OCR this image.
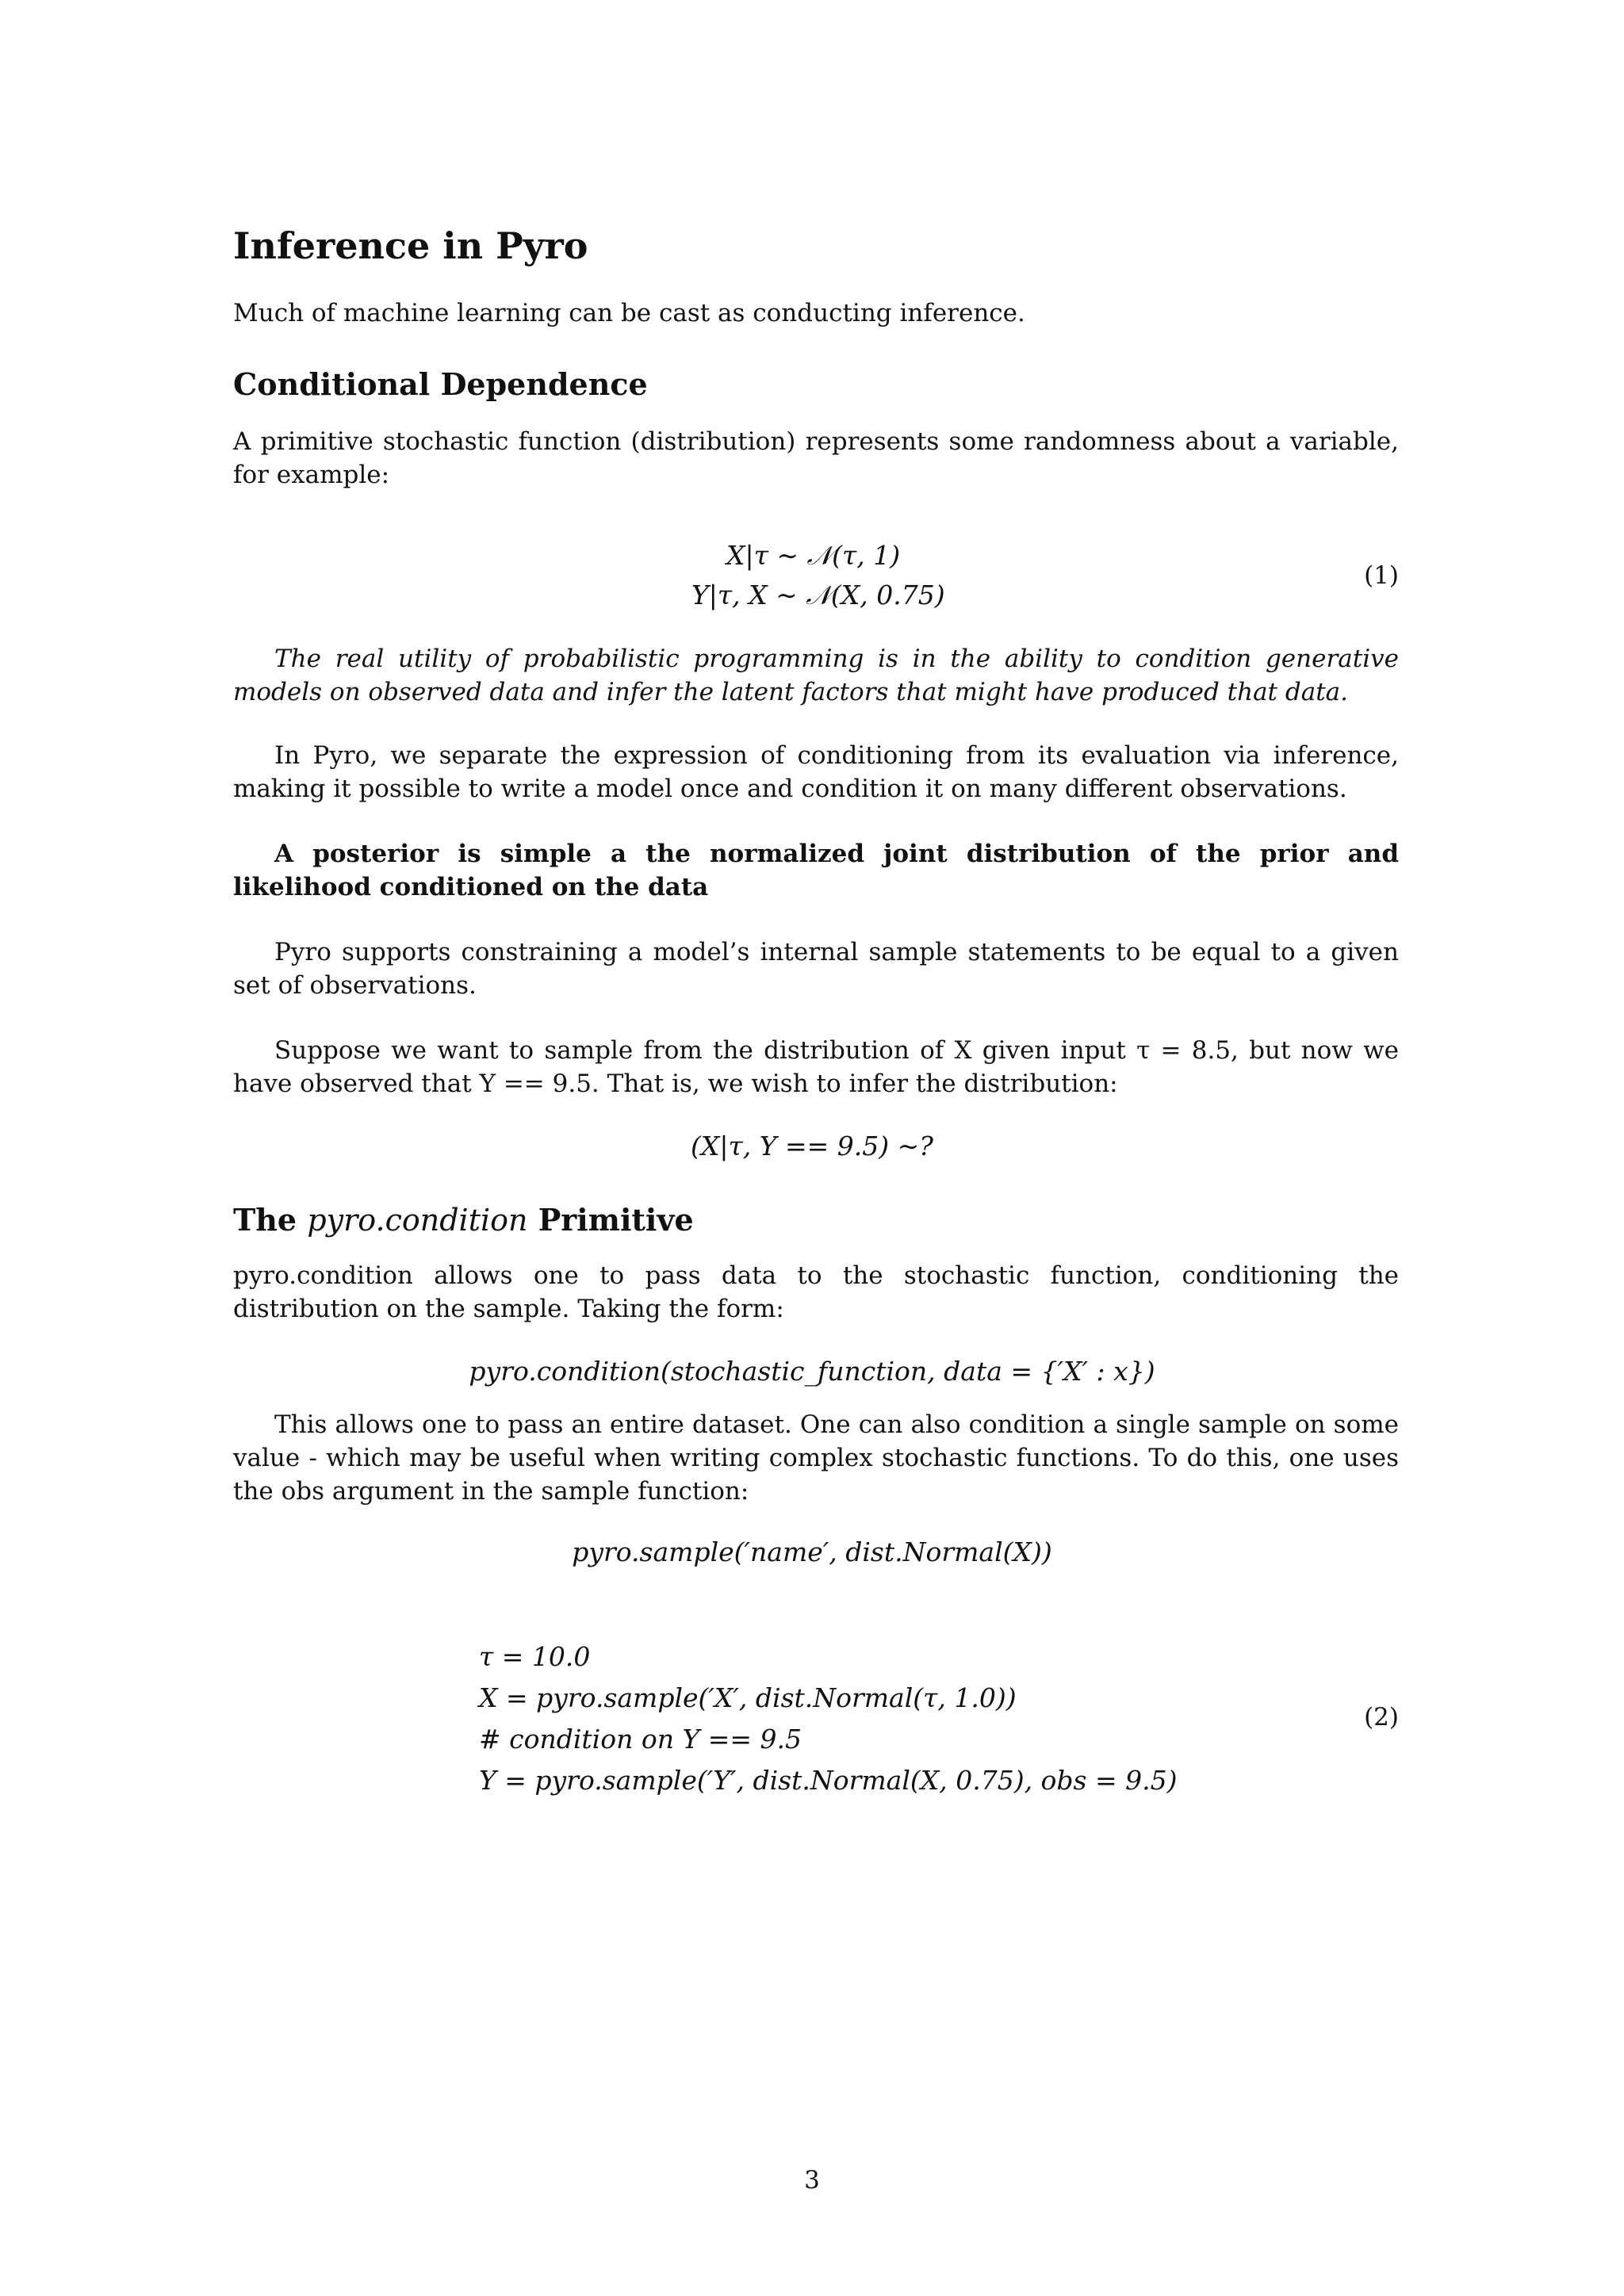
Inference in Pyro

Much of machine learning can be cast as conducting inference.

Conditional Dependence

A primitive stochastic function (distribution) represents some randomness about a variable, for example:

X|τ ∼ 𝒩(τ, 1)
Y|τ, X ∼ 𝒩(X, 0.75)
(1)

The real utility of probabilistic programming is in the ability to condition generative models on observed data and infer the latent factors that might have produced that data.

In Pyro, we separate the expression of conditioning from its evaluation via inference, making it possible to write a model once and condition it on many different observations.

A posterior is simple a the normalized joint distribution of the prior and likelihood conditioned on the data

Pyro supports constraining a model’s internal sample statements to be equal to a given set of observations.

Suppose we want to sample from the distribution of X given input τ = 8.5, but now we have observed that Y == 9.5. That is, we wish to infer the distribution:

(X|τ, Y == 9.5) ∼?
The pyro.condition Primitive

pyro.condition allows one to pass data to the stochastic function, conditioning the distribution on the sample. Taking the form:

pyro.condition(stochastic_function, data = {′X′ : x})

This allows one to pass an entire dataset. One can also condition a single sample on some value - which may be useful when writing complex stochastic functions. To do this, one uses the obs argument in the sample function:

pyro.sample(′name′, dist.Normal(X))
τ = 10.0
X = pyro.sample(′X′, dist.Normal(τ, 1.0))
# condition on Y == 9.5
Y = pyro.sample(′Y′, dist.Normal(X, 0.75), obs = 9.5)
(2)
3
